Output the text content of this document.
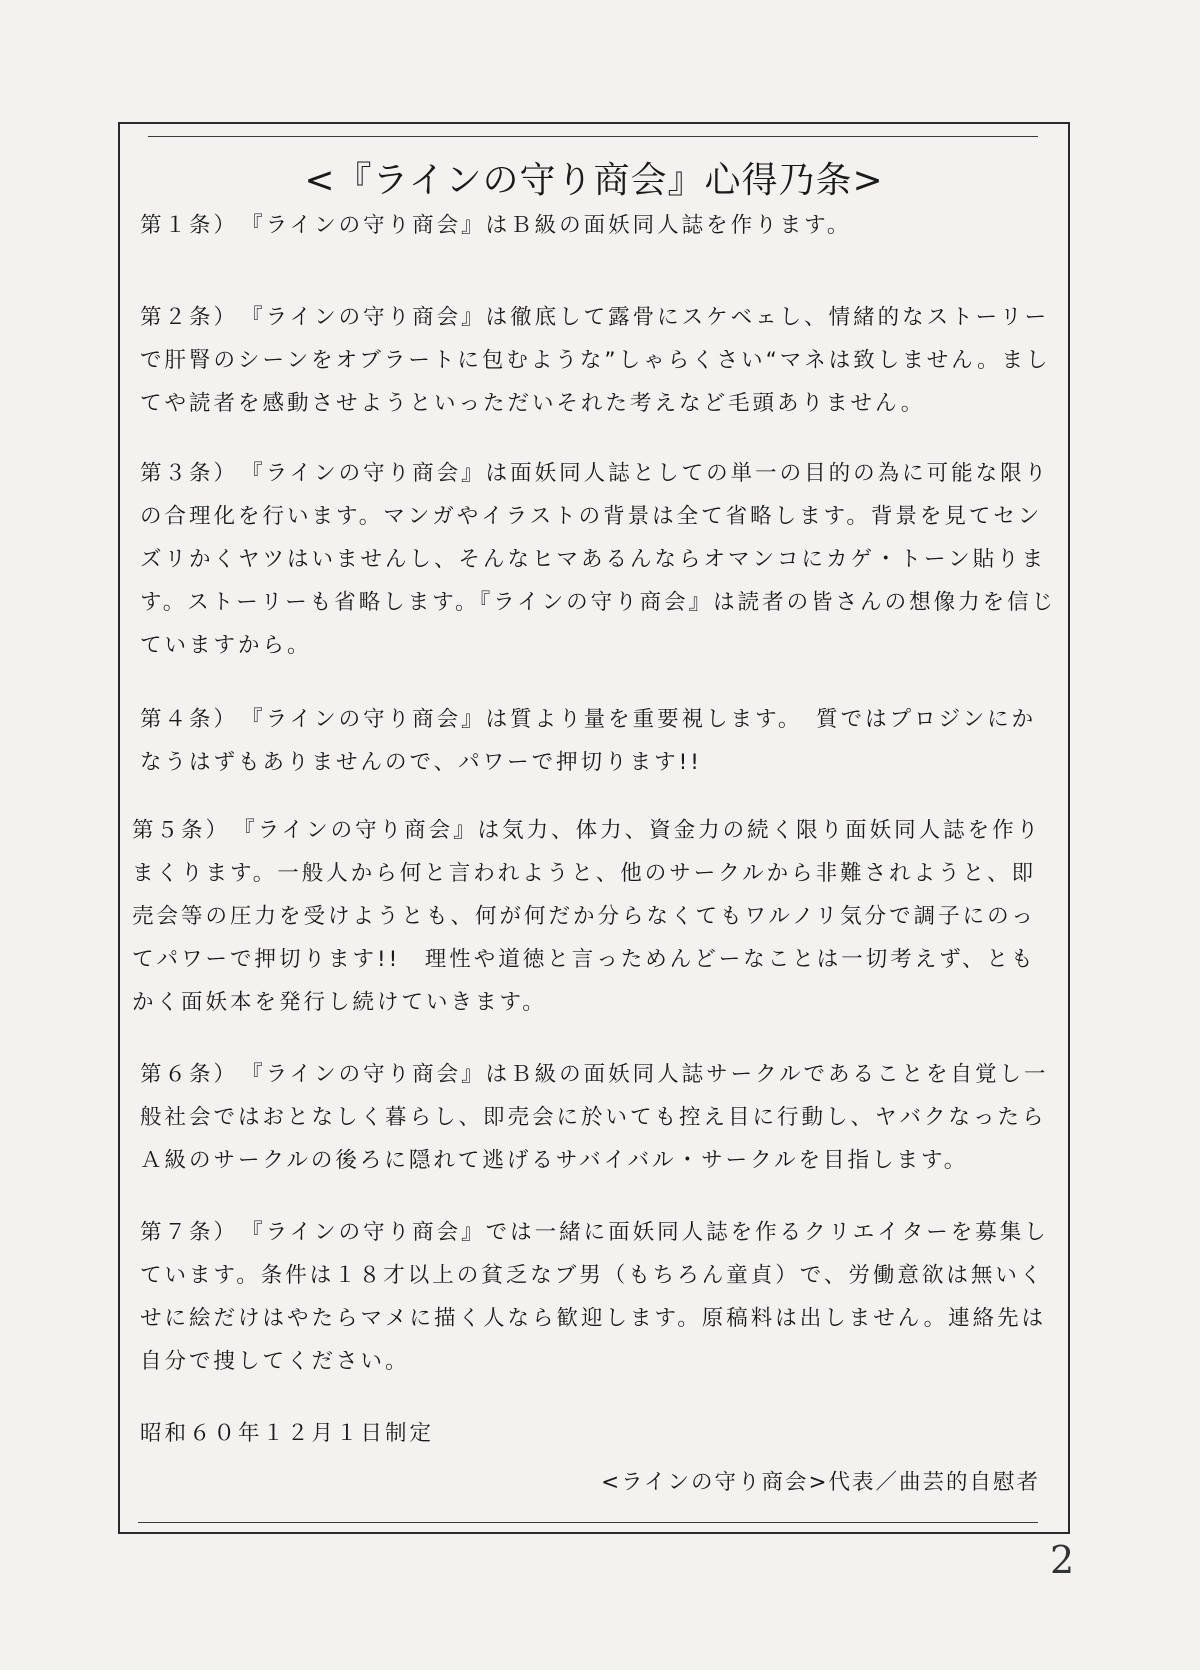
<『ラインの守り商会』心得乃条>

第１条） 『ラインの守り商会』はＢ級の面妖同人誌を作ります。

第２条） 『ラインの守り商会』は徹底して露骨にスケベェし、情緒的なストーリーで肝腎のシーンをオブラートに包むような”しゃらくさい“マネは致しません。ましてや読者を感動させようといっただいそれた考えなど毛頭ありません。

第３条） 『ラインの守り商会』は面妖同人誌としての単一の目的の為に可能な限りの合理化を行います。マンガやイラストの背景は全て省略します。背景を見てセンズリかくヤツはいませんし、そんなヒマあるんならオマンコにカゲ・トーン貼ります。ストーリーも省略します。『ラインの守り商会』は読者の皆さんの想像力を信じていますから。

第４条） 『ラインの守り商会』は質より量を重要視します。　質ではプロジンにかなうはずもありませんので、パワーで押切ります!!

第５条） 『ラインの守り商会』は気力、体力、資金力の続く限り面妖同人誌を作りまくります。一般人から何と言われようと、他のサークルから非難されようと、即売会等の圧力を受けようとも、何が何だか分らなくてもワルノリ気分で調子にのってパワーで押切ります!!　理性や道徳と言っためんどーなことは一切考えず、ともかく面妖本を発行し続けていきます。

第６条） 『ラインの守り商会』はＢ級の面妖同人誌サークルであることを自覚し一般社会ではおとなしく暮らし、即売会に於いても控え目に行動し、ヤバクなったらＡ級のサークルの後ろに隠れて逃げるサバイバル・サークルを目指します。

第７条） 『ラインの守り商会』では一緒に面妖同人誌を作るクリエイターを募集しています。条件は１８才以上の貧乏なブ男（もちろん童貞）で、労働意欲は無いくせに絵だけはやたらマメに描く人なら歓迎します。原稿料は出しません。連絡先は自分で捜してください。

昭和６０年１２月１日制定
<ラインの守り商会>代表／曲芸的自慰者
2
